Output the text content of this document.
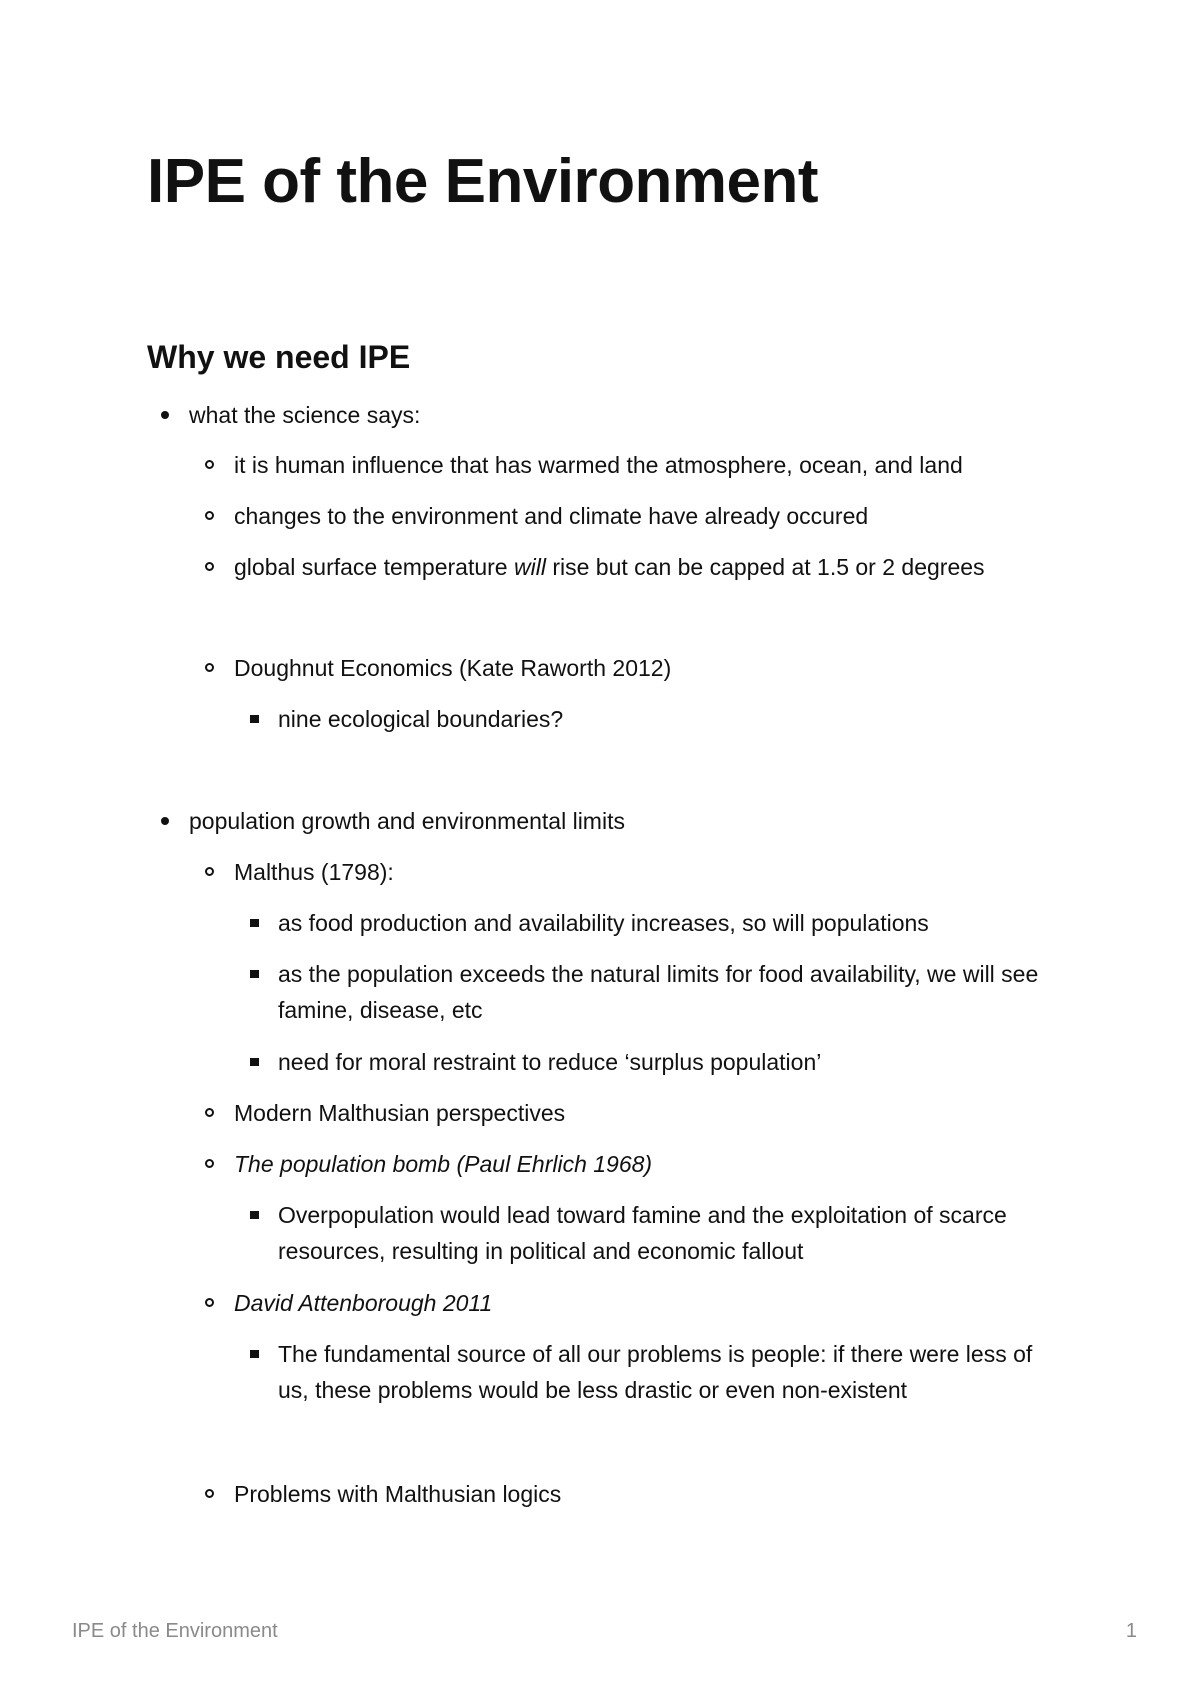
IPE of the Environment
Why we need IPE
what the science says:
it is human influence that has warmed the atmosphere, ocean, and land
changes to the environment and climate have already occured
global surface temperature will rise but can be capped at 1.5 or 2 degrees
Doughnut Economics (Kate Raworth 2012)
nine ecological boundaries?
population growth and environmental limits
Malthus (1798):
as food production and availability increases, so will populations
as the population exceeds the natural limits for food availability, we will see famine, disease, etc
need for moral restraint to reduce ‘surplus population’
Modern Malthusian perspectives
The population bomb (Paul Ehrlich 1968)
Overpopulation would lead toward famine and the exploitation of scarce resources, resulting in political and economic fallout
David Attenborough 2011
The fundamental source of all our problems is people: if there were less of us, these problems would be less drastic or even non-existent
Problems with Malthusian logics
IPE of the Environment	1
